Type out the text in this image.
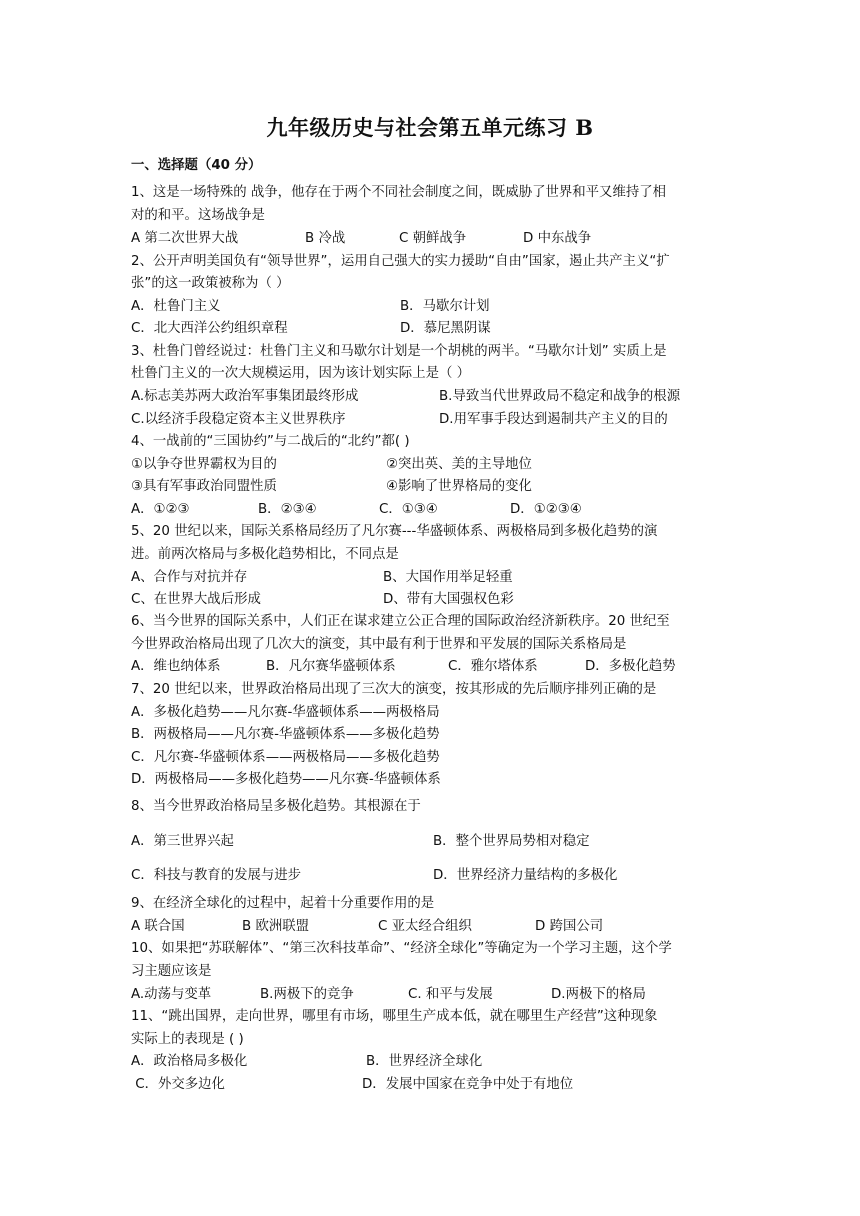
九年级历史与社会第五单元练习 B
一、选择题（40 分）
1、这是一场特殊的 战争，他存在于两个不同社会制度之间，既威胁了世界和平又维持了相
对的和平。这场战争是
A 第二次世界大战	B 冷战	C 朝鲜战争	D 中东战争
2、公开声明美国负有“领导世界”，运用自己强大的实力援助“自由”国家，遏止共产主义“扩
张”的这一政策被称为（ ）
A．杜鲁门主义	B．马歇尔计划
C．北大西洋公约组织章程	D．慕尼黑阴谋
3、杜鲁门曾经说过：杜鲁门主义和马歇尔计划是一个胡桃的两半。“马歇尔计划” 实质上是
杜鲁门主义的一次大规模运用，因为该计划实际上是（ ）
A.标志美苏两大政治军事集团最终形成	B.导致当代世界政局不稳定和战争的根源
C.以经济手段稳定资本主义世界秩序	D.用军事手段达到遏制共产主义的目的
4、一战前的“三国协约”与二战后的“北约”都( )
①以争夺世界霸权为目的	②突出英、美的主导地位
③具有军事政治同盟性质	④影响了世界格局的变化
A．①②③	B．②③④	C．①③④	D．①②③④
5、20 世纪以来，国际关系格局经历了凡尔赛---华盛顿体系、两极格局到多极化趋势的演
进。前两次格局与多极化趋势相比，不同点是
A、合作与对抗并存	B、大国作用举足轻重
C、在世界大战后形成	D、带有大国强权色彩
6、当今世界的国际关系中，人们正在谋求建立公正合理的国际政治经济新秩序。20 世纪至
今世界政治格局出现了几次大的演变，其中最有利于世界和平发展的国际关系格局是
A．维也纳体系	B．凡尔赛华盛顿体系	C．雅尔塔体系	D．多极化趋势
7、20 世纪以来，世界政治格局出现了三次大的演变，按其形成的先后顺序排列正确的是
A．多极化趋势——凡尔赛-华盛顿体系——两极格局
B．两极格局——凡尔赛-华盛顿体系——多极化趋势
C．凡尔赛-华盛顿体系——两极格局——多极化趋势
D．两极格局——多极化趋势——凡尔赛-华盛顿体系
8、当今世界政治格局呈多极化趋势。其根源在于
A．第三世界兴起	B．整个世界局势相对稳定
C．科技与教育的发展与进步	D．世界经济力量结构的多极化
9、在经济全球化的过程中，起着十分重要作用的是
A 联合国	B 欧洲联盟	C 亚太经合组织	D 跨国公司
10、如果把“苏联解体”、“第三次科技革命”、“经济全球化”等确定为一个学习主题，这个学
习主题应该是
A.动荡与变革	B.两极下的竞争	C. 和平与发展	D.两极下的格局
11、“跳出国界，走向世界，哪里有市场，哪里生产成本低，就在哪里生产经营”这种现象
实际上的表现是 ( )
A．政治格局多极化	B．世界经济全球化
C．外交多边化	D．发展中国家在竞争中处于有地位
